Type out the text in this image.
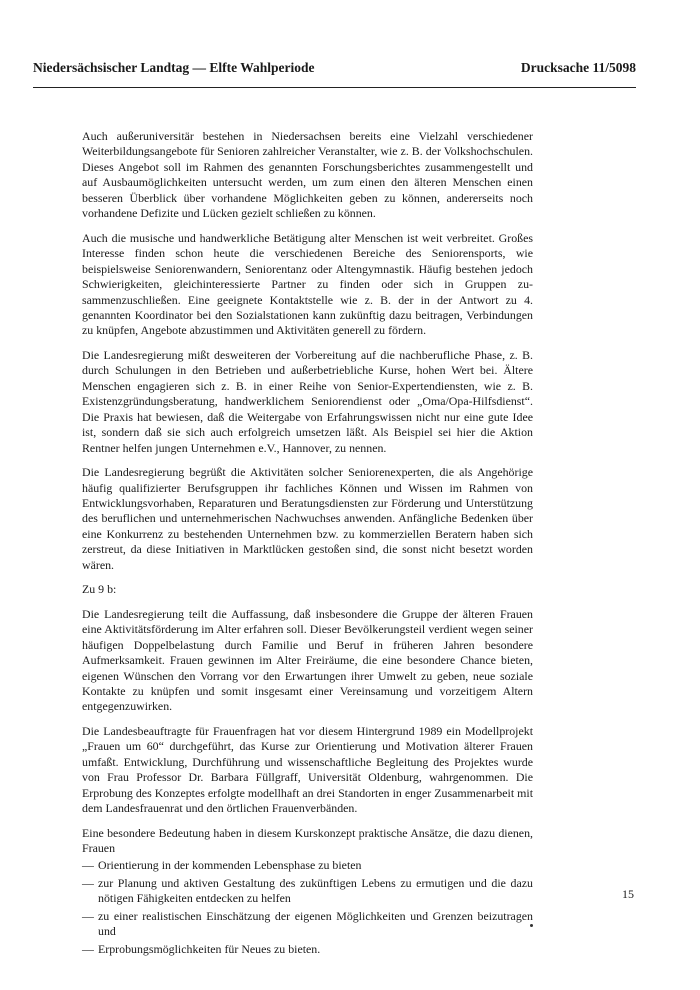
Niedersächsischer Landtag — Elfte Wahlperiode	Drucksache 11/5098

Auch außeruniversitär bestehen in Niedersachsen bereits eine Vielzahl verschiedener Weiterbildungsangebote für Senioren zahlreicher Veranstalter, wie z. B. der Volkshochschulen. Dieses Angebot soll im Rahmen des genannten Forschungsberichtes zusammengestellt und auf Ausbaumöglichkeiten untersucht werden, um zum einen den älteren Menschen einen besseren Überblick über vorhandene Möglichkeiten geben zu können, andererseits noch vorhandene Defizite und Lücken gezielt schließen zu können.

Auch die musische und handwerkliche Betätigung alter Menschen ist weit verbreitet. Großes Interesse finden schon heute die verschiedenen Bereiche des Seniorensports, wie beispielsweise Seniorenwandern, Seniorentanz oder Altengymnastik. Häufig bestehen jedoch Schwierigkeiten, gleichinteressierte Partner zu finden oder sich in Gruppen zusammenzuschließen. Eine geeignete Kontaktstelle wie z. B. der in der Antwort zu 4. genannten Koordinator bei den Sozialstationen kann zukünftig dazu beitragen, Verbindungen zu knüpfen, Angebote abzustimmen und Aktivitäten generell zu fördern.

Die Landesregierung mißt desweiteren der Vorbereitung auf die nachberufliche Phase, z. B. durch Schulungen in den Betrieben und außerbetriebliche Kurse, hohen Wert bei. Ältere Menschen engagieren sich z. B. in einer Reihe von Senior-Expertendiensten, wie z. B. Existenzgründungsberatung, handwerklichem Seniorendienst oder „Oma/Opa-Hilfsdienst“. Die Praxis hat bewiesen, daß die Weitergabe von Erfahrungswissen nicht nur eine gute Idee ist, sondern daß sie sich auch erfolgreich umsetzen läßt. Als Beispiel sei hier die Aktion Rentner helfen jungen Unternehmen e.V., Hannover, zu nennen.

Die Landesregierung begrüßt die Aktivitäten solcher Seniorenexperten, die als Angehörige häufig qualifizierter Berufsgruppen ihr fachliches Können und Wissen im Rahmen von Entwicklungsvorhaben, Reparaturen und Beratungsdiensten zur Förderung und Unterstützung des beruflichen und unternehmerischen Nachwuchses anwenden. Anfängliche Bedenken über eine Konkurrenz zu bestehenden Unternehmen bzw. zu kommerziellen Beratern haben sich zerstreut, da diese Initiativen in Marktlücken gestoßen sind, die sonst nicht besetzt worden wären.

Zu 9 b:

Die Landesregierung teilt die Auffassung, daß insbesondere die Gruppe der älteren Frauen eine Aktivitätsförderung im Alter erfahren soll. Dieser Bevölkerungsteil verdient wegen seiner häufigen Doppelbelastung durch Familie und Beruf in früheren Jahren besondere Aufmerksamkeit. Frauen gewinnen im Alter Freiräume, die eine besondere Chance bieten, eigenen Wünschen den Vorrang vor den Erwartungen ihrer Umwelt zu geben, neue soziale Kontakte zu knüpfen und somit insgesamt einer Vereinsamung und vorzeitigem Altern entgegenzuwirken.

Die Landesbeauftragte für Frauenfragen hat vor diesem Hintergrund 1989 ein Modellprojekt „Frauen um 60“ durchgeführt, das Kurse zur Orientierung und Motivation älterer Frauen umfaßt. Entwicklung, Durchführung und wissenschaftliche Begleitung des Projektes wurde von Frau Professor Dr. Barbara Füllgraff, Universität Oldenburg, wahrgenommen. Die Erprobung des Konzeptes erfolgte modellhaft an drei Standorten in enger Zusammenarbeit mit dem Landesfrauenrat und den örtlichen Frauenverbänden.

Eine besondere Bedeutung haben in diesem Kurskonzept praktische Ansätze, die dazu dienen, Frauen

— Orientierung in der kommenden Lebensphase zu bieten
— zur Planung und aktiven Gestaltung des zukünftigen Lebens zu ermutigen und die dazu nötigen Fähigkeiten entdecken zu helfen
— zu einer realistischen Einschätzung der eigenen Möglichkeiten und Grenzen beizutragen und
— Erprobungsmöglichkeiten für Neues zu bieten.
15
